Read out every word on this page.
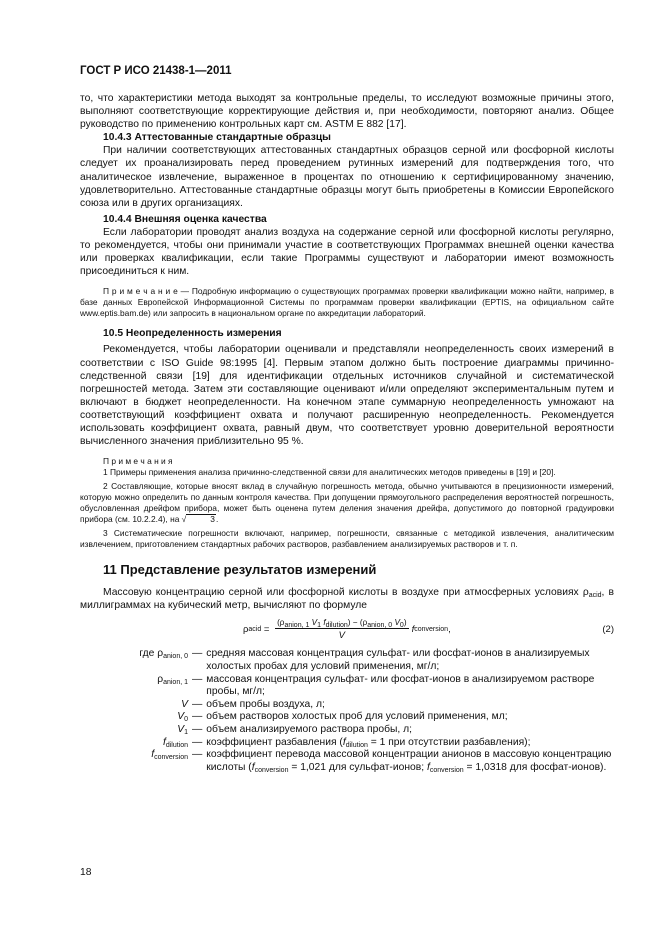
ГОСТ Р ИСО 21438-1—2011

то, что характеристики метода выходят за контрольные пределы, то исследуют возможные причины этого, выполняют соответствующие корректирующие действия и, при необходимости, повторяют анализ. Общее руководство по применению контрольных карт см. ASTM E 882 [17].

10.4.3 Аттестованные стандартные образцы

При наличии соответствующих аттестованных стандартных образцов серной или фосфорной кислоты следует их проанализировать перед проведением рутинных измерений для подтверждения того, что аналитическое извлечение, выраженное в процентах по отношению к сертифицированному значению, удовлетворительно. Аттестованные стандартные образцы могут быть приобретены в Комиссии Европейского союза или в других организациях.

10.4.4 Внешняя оценка качества

Если лаборатории проводят анализ воздуха на содержание серной или фосфорной кислоты регулярно, то рекомендуется, чтобы они принимали участие в соответствующих Программах внешней оценки качества или проверках квалификации, если такие Программы существуют и лаборатории имеют возможность присоединиться к ним.

П р и м е ч а н и е — Подробную информацию о существующих программах проверки квалификации можно найти, например, в базе данных Европейской Информационной Системы по программам проверки квалификации (EPTIS, на официальном сайте www.eptis.bam.de) или запросить в национальном органе по аккредитации лабораторий.

10.5 Неопределенность измерения

Рекомендуется, чтобы лаборатории оценивали и представляли неопределенность своих измерений в соответствии с ISO Guide 98:1995 [4]. Первым этапом должно быть построение диаграммы причинно-следственной связи [19] для идентификации отдельных источников случайной и систематической погрешностей метода. Затем эти составляющие оценивают и/или определяют экспериментальным путем и включают в бюджет неопределенности. На конечном этапе суммарную неопределенность умножают на соответствующий коэффициент охвата и получают расширенную неопределенность. Рекомендуется использовать коэффициент охвата, равный двум, что соответствует уровню доверительной вероятности вычисленного значения приблизительно 95 %.

П р и м е ч а н и я

1 Примеры применения анализа причинно-следственной связи для аналитических методов приведены в [19] и [20].

2 Составляющие, которые вносят вклад в случайную погрешность метода, обычно учитываются в прецизионности измерений, которую можно определить по данным контроля качества. При допущении прямоугольного распределения вероятностей погрешность, обусловленная дрейфом прибора, может быть оценена путем деления значения дрейфа, допустимого до повторной градуировки прибора (см. 10.2.2.4), на √	3.

3 Систематические погрешности включают, например, погрешности, связанные с методикой извлечения, аналитическим извлечением, приготовлением стандартных рабочих растворов, разбавлением анализируемых растворов и т. п.

11 Представление результатов измерений

Массовую концентрацию серной или фосфорной кислоты в воздухе при атмосферных условиях $\rho_{acid}$, в миллиграммах на кубический метр, вычисляют по формуле

ρ acid = $\frac{(\rho_{anion, 1} V_1 f_{dilution}) - (\rho_{anion, 0} V_0)}{V}$ f conversion ,	(2)
где $\rho_{anion, 0}$ — средняя массовая концентрация сульфат- или фосфат-ионов в анализируемых холостых пробах для условий применения, мг/л;
$\rho_{anion, 1}$ — массовая концентрация сульфат- или фосфат-ионов в анализируемом растворе пробы, мг/л;
V — объем пробы воздуха, л;
$V_0$ — объем растворов холостых проб для условий применения, мл;
$V_1$ — объем анализируемого раствора пробы, л;
$f_{dilution}$ — коэффициент разбавления ($f_{dilution} = 1$ при отсутствии разбавления);
$f_{conversion}$ — коэффициент перевода массовой концентрации анионов в массовую концентрацию кислоты ($f_{conversion} = 1,021$ для сульфат-ионов; $f_{conversion} = 1,0318$ для фосфат-ионов).
18
